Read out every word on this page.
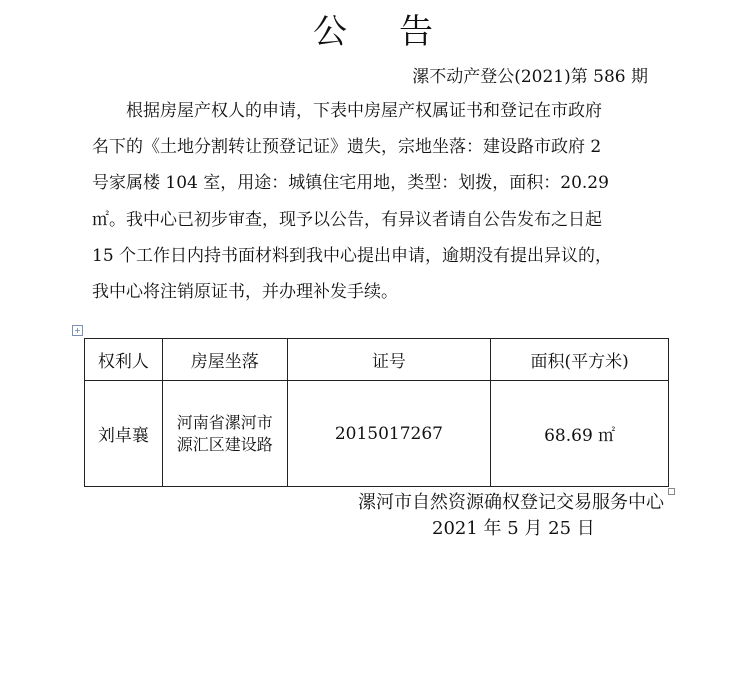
公告
漯不动产登公(2021)第 586 期

　　根据房屋产权人的申请，下表中房屋产权属证书和登记在市政府
名下的《土地分割转让预登记证》遗失，宗地坐落：建设路市政府 2
号家属楼 104 室，用途：城镇住宅用地，类型：划拨，面积：20.29
㎡。我中心已初步审查，现予以公告，有异议者请自公告发布之日起
15 个工作日内持书面材料到我中心提出申请，逾期没有提出异议的，
我中心将注销原证书，并办理补发手续。

+
权利人	房屋坐落	证号	面积(平方米)
刘卓襄	河南省漯河市
源汇区建设路	2015017267	68.69 ㎡
漯河市自然资源确权登记交易服务中心
2021 年 5 月 25 日
